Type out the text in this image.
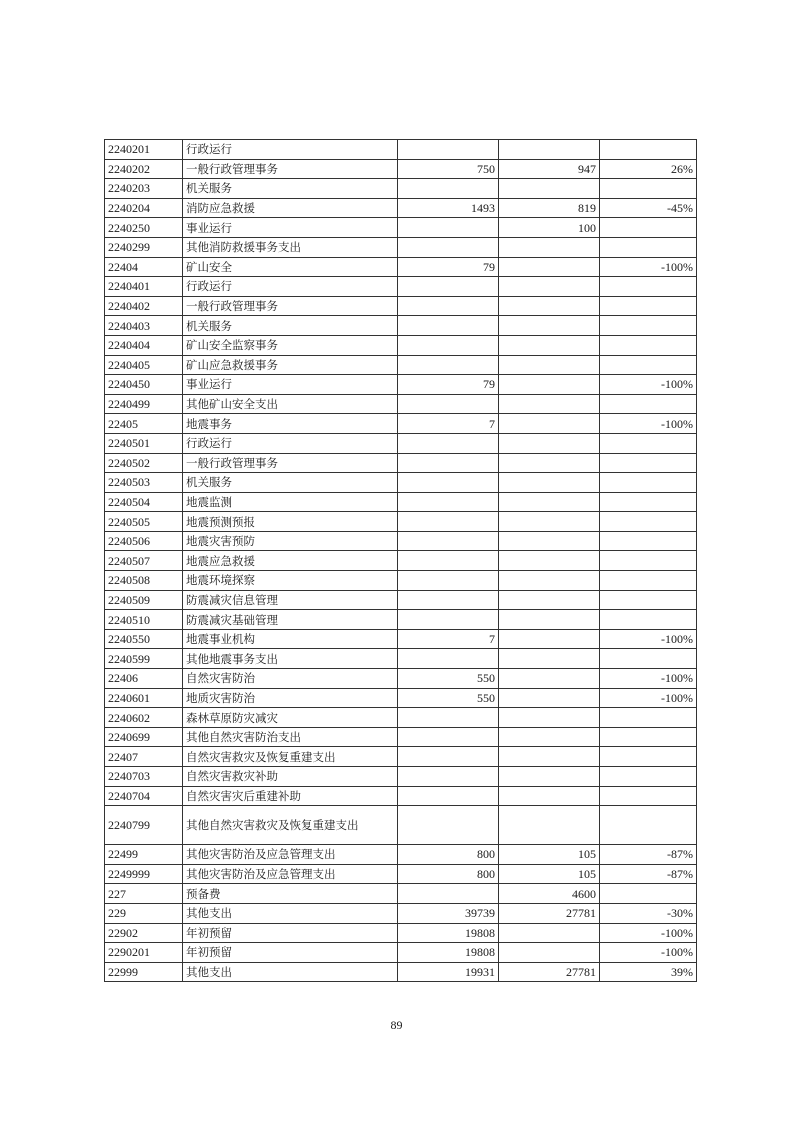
2240201	行政运行			
2240202	一般行政管理事务	750	947	26%
2240203	机关服务			
2240204	消防应急救援	1493	819	-45%
2240250	事业运行		100	
2240299	其他消防救援事务支出			
22404	矿山安全	79		-100%
2240401	行政运行			
2240402	一般行政管理事务			
2240403	机关服务			
2240404	矿山安全监察事务			
2240405	矿山应急救援事务			
2240450	事业运行	79		-100%
2240499	其他矿山安全支出			
22405	地震事务	7		-100%
2240501	行政运行			
2240502	一般行政管理事务			
2240503	机关服务			
2240504	地震监测			
2240505	地震预测预报			
2240506	地震灾害预防			
2240507	地震应急救援			
2240508	地震环境探察			
2240509	防震减灾信息管理			
2240510	防震减灾基础管理			
2240550	地震事业机构	7		-100%
2240599	其他地震事务支出			
22406	自然灾害防治	550		-100%
2240601	地质灾害防治	550		-100%
2240602	森林草原防灾减灾			
2240699	其他自然灾害防治支出			
22407	自然灾害救灾及恢复重建支出			
2240703	自然灾害救灾补助			
2240704	自然灾害灾后重建补助			
2240799	其他自然灾害救灾及恢复重建支出			
22499	其他灾害防治及应急管理支出	800	105	-87%
2249999	其他灾害防治及应急管理支出	800	105	-87%
227	预备费		4600	
229	其他支出	39739	27781	-30%
22902	年初预留	19808		-100%
2290201	年初预留	19808		-100%
22999	其他支出	19931	27781	39%
89
